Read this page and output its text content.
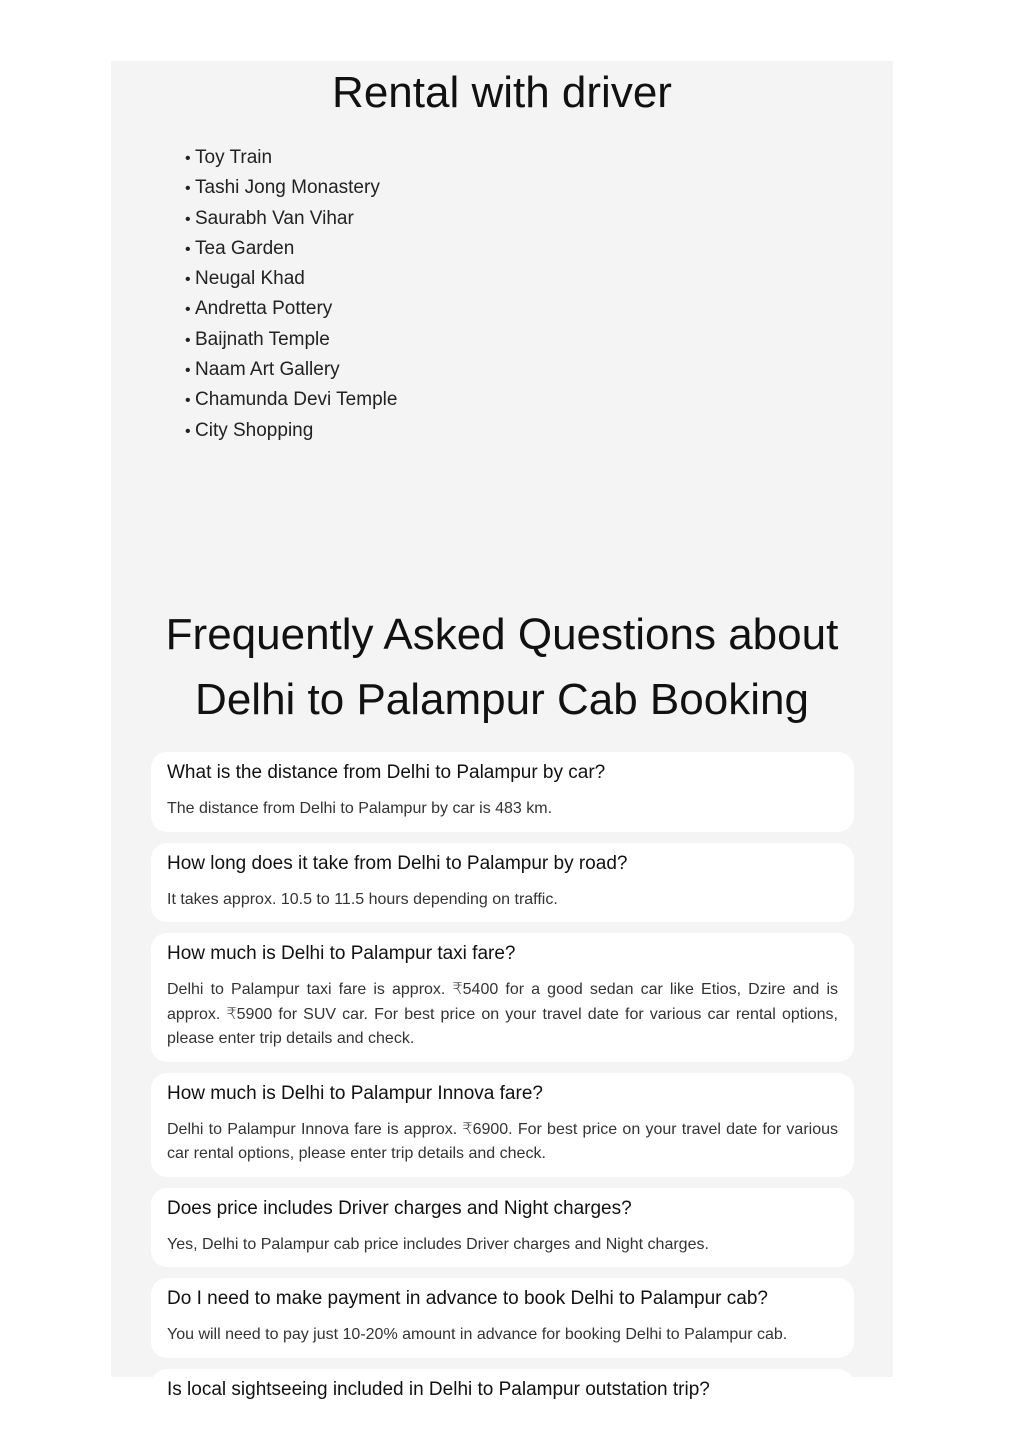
Rental with driver
• Toy Train
• Tashi Jong Monastery
• Saurabh Van Vihar
• Tea Garden
• Neugal Khad
• Andretta Pottery
• Baijnath Temple
• Naam Art Gallery
• Chamunda Devi Temple
• City Shopping
Frequently Asked Questions about
Delhi to Palampur Cab Booking

What is the distance from Delhi to Palampur by car?

The distance from Delhi to Palampur by car is 483 km.

How long does it take from Delhi to Palampur by road?

It takes approx. 10.5 to 11.5 hours depending on traffic.

How much is Delhi to Palampur taxi fare?

Delhi to Palampur taxi fare is approx. ₹5400 for a good sedan car like Etios, Dzire and is approx. ₹5900 for SUV car. For best price on your travel date for various car rental options, please enter trip details and check.

How much is Delhi to Palampur Innova fare?

Delhi to Palampur Innova fare is approx. ₹6900. For best price on your travel date for various car rental options, please enter trip details and check.

Does price includes Driver charges and Night charges?

Yes, Delhi to Palampur cab price includes Driver charges and Night charges.

Do I need to make payment in advance to book Delhi to Palampur cab?

You will need to pay just 10-20% amount in advance for booking Delhi to Palampur cab.

Is local sightseeing included in Delhi to Palampur outstation trip?
